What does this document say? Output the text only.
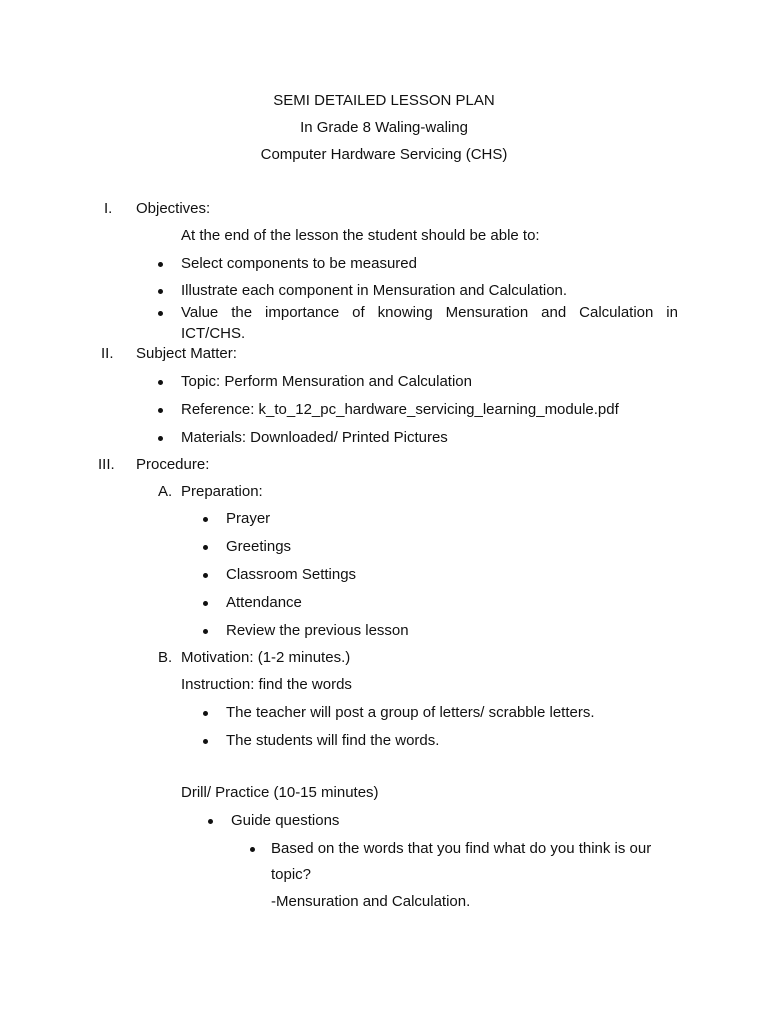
SEMI DETAILED LESSON PLAN
In Grade 8 Waling-waling
Computer Hardware Servicing (CHS)
I. Objectives:
At the end of the lesson the student should be able to:
Select components to be measured
Illustrate each component in Mensuration and Calculation.
Value the importance of knowing Mensuration and Calculation in
ICT/CHS.
II. Subject Matter:
Topic: Perform Mensuration and Calculation
Reference: k_to_12_pc_hardware_servicing_learning_module.pdf
Materials: Downloaded/ Printed Pictures
III. Procedure:
A. Preparation:
Prayer
Greetings
Classroom Settings
Attendance
Review the previous lesson
B. Motivation: (1-2 minutes.)
Instruction: find the words
The teacher will post a group of letters/ scrabble letters.
The students will find the words.
Drill/ Practice (10-15 minutes)
Guide questions
Based on the words that you find what do you think is our
topic?
-Mensuration and Calculation.
